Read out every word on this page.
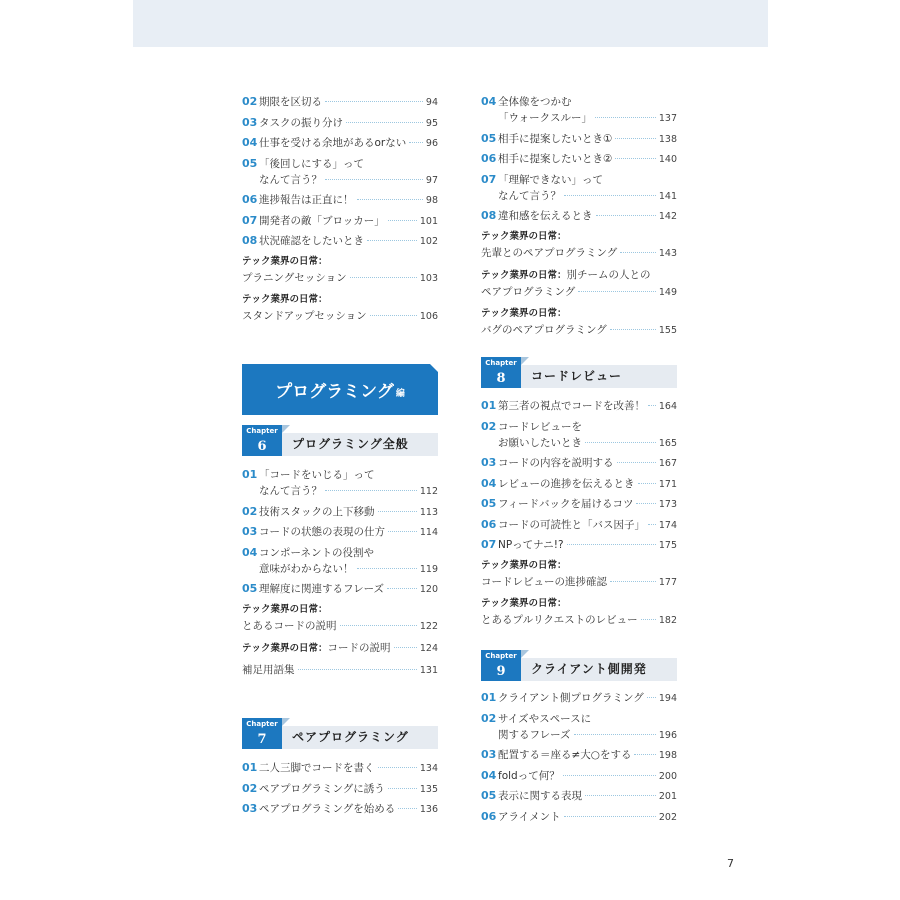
プログラミング 編
02 期限を区切る	94
03 タスクの振り分け	95
04 仕事を受ける余地があるorない 96
05 「後回しにする」って
なんて言う？	97
06 進捗報告は正直に！	98
07 開発者の敵「ブロッカー」	101
08 状況確認をしたいとき	102
テック業界の日常：
プラニングセッション	103
テック業界の日常：
スタンドアップセッション	106
Chapter
6	プログラミング全般
01 「コードをいじる」って
なんて言う？	112
02 技術スタックの上下移動	113
03 コードの状態の表現の仕方	114
04 コンポーネントの役割や
意味がわからない！	119
05 理解度に関連するフレーズ	120
テック業界の日常：
とあるコードの説明	122
テック業界の日常： コードの説明	124
補足用語集	131
Chapter
7	ペアプログラミング
01 二人三脚でコードを書く	134
02 ペアプログラミングに誘う	135
03 ペアプログラミングを始める	136
04 全体像をつかむ
「ウォークスルー」	137
05 相手に提案したいとき①	138
06 相手に提案したいとき②	140
07 「理解できない」って
なんて言う？	141
08 違和感を伝えるとき	142
テック業界の日常：
先輩とのペアプログラミング	143
テック業界の日常： 別チームの人との
ペアプログラミング	149
テック業界の日常：
バグのペアプログラミング	155
Chapter
8	コードレビュー
01 第三者の視点でコードを改善！ 164
02 コードレビューを
お願いしたいとき	165
03 コードの内容を説明する	167
04 レビューの進捗を伝えるとき	171
05 フィードバックを届けるコツ	173
06 コードの可読性と「バス因子」 174
07 NPってナニ!?	175
テック業界の日常：
コードレビューの進捗確認	177
テック業界の日常：
とあるプルリクエストのレビュー 182
Chapter
9	クライアント側開発
01 クライアント側プログラミング 194
02 サイズやスペースに
関するフレーズ	196
03 配置する＝座る≠大○をする	198
04 foldって何？	200
05 表示に関する表現	201
06 アライメント	202
7
